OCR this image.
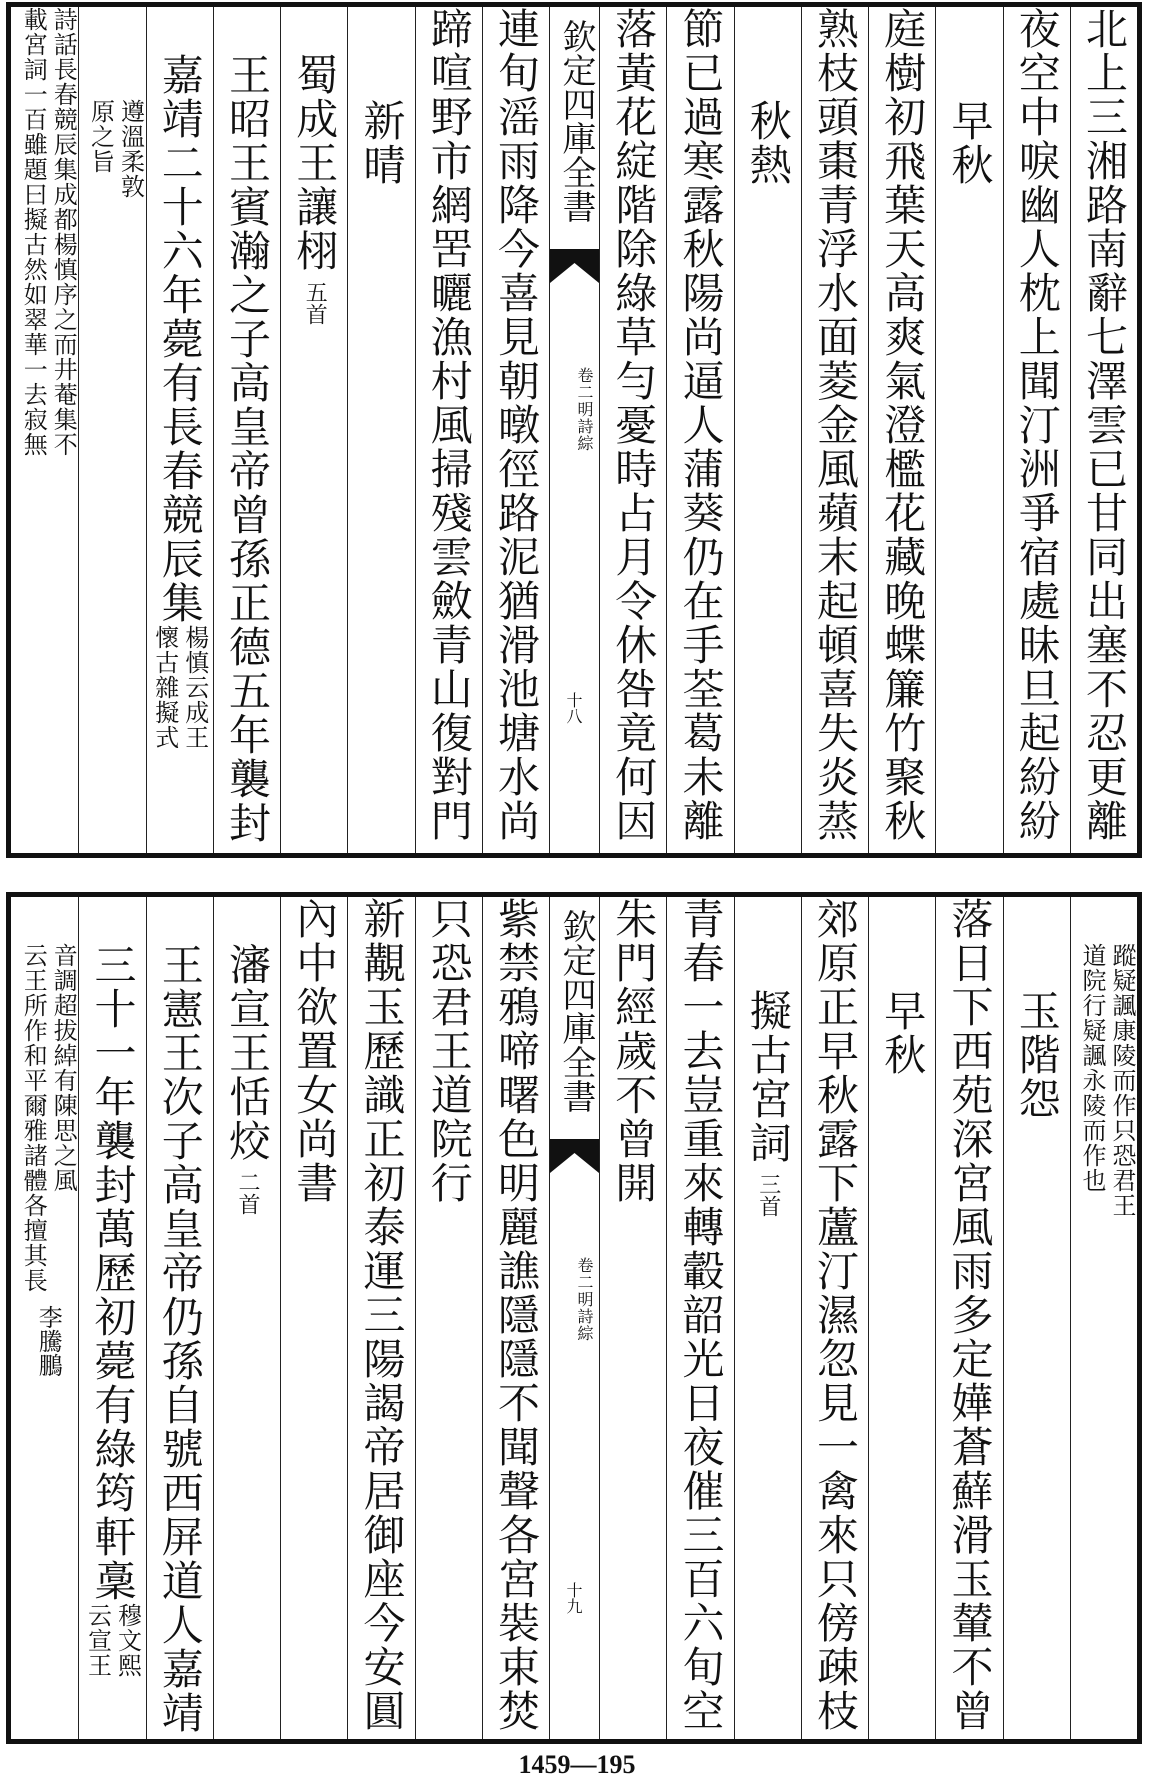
北上三湘路南辭七澤雲已甘同出塞不忍更離
夜空中唳幽人枕上聞汀洲爭宿處昧旦起紛紛
早秋
庭樹初飛葉天高爽氣澄檻花藏晚蝶簾竹聚秋
熟枝頭棗青浮水面菱金風蘋末起頓喜失炎蒸
秋熱
節已過寒露秋陽尚逼人蒲葵仍在手荃葛未離
落黃花綻階除綠草勻憂時占月令休咎竟何因
欽定四庫全書
明詩綜
卷二
十八
連旬滛雨降今喜見朝暾徑路泥猶滑池塘水尚
蹄喧野市網罟曬漁村風掃殘雲斂青山復對門
新晴
蜀成王讓栩五首
王昭王賓瀚之子高皇帝曾孫正德五年襲封
嘉靖二十六年薨有長春競辰集
楊慎云成王
懷古雜擬式
遵溫柔敦
原之旨
詩話長春競辰集成都楊慎序之而井菴集不
載宮詞一百雖題曰擬古然如翠華一去寂無
蹤疑諷康陵而作只恐君王
道院行疑諷永陵而作也
玉階怨
落日下西苑深宮風雨多定嬅蒼蘚滑玉輦不曾
早秋
郊原正早秋露下蘆汀濕忽見一禽來只傍疎枝
擬古宮詞三首
青春一去豈重來轉轂韶光日夜催三百六旬空
朱門經歲不曾開
欽定四庫全書
明詩綜
卷二
十九
紫禁鴉啼曙色明麗譙隱隱不聞聲各宮裝束焚
只恐君王道院行
新覯玉歷識正初泰運三陽謁帝居御座今安圓
內中欲置女尚書
瀋宣王恬烄二首
王憲王次子高皇帝仍孫自號西屏道人嘉靖
三十一年襲封萬歷初薨有綠筠軒稾
穆文熙
云宣王
音調超拔綽有陳思之風
云王所作和平爾雅諸體各擅其長
李騰鵬
1459—195
